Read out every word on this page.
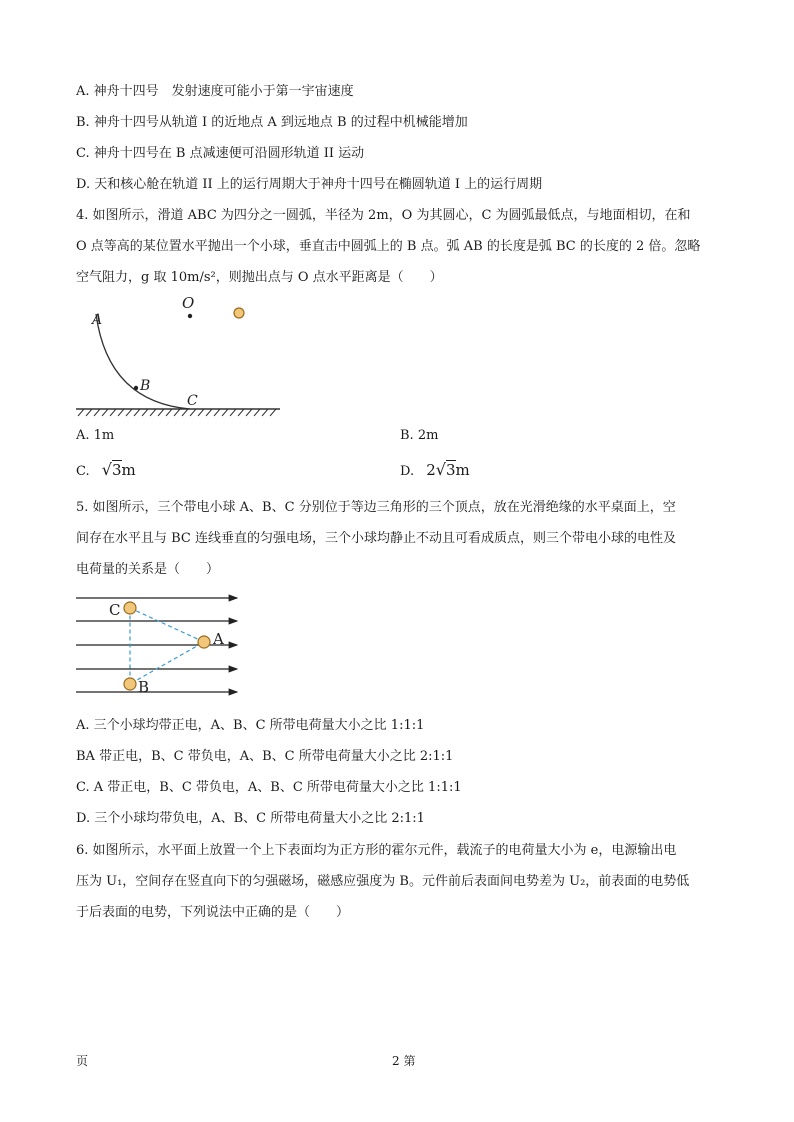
A. 神舟十四号　发射速度可能小于第一宇宙速度
B. 神舟十四号从轨道 I 的近地点 A 到远地点 B 的过程中机械能增加
C. 神舟十四号在 B 点减速便可沿圆形轨道 II 运动
D. 天和核心舱在轨道 II 上的运行周期大于神舟十四号在椭圆轨道 I 上的运行周期
4. 如图所示，滑道 ABC 为四分之一圆弧，半径为 2m，O 为其圆心，C 为圆弧最低点，与地面相切，在和
O 点等高的某位置水平抛出一个小球，垂直击中圆弧上的 B 点。弧 AB 的长度是弧 BC 的长度的 2 倍。忽略
空气阻力，g 取 10m/s²，则抛出点与 O 点水平距离是（　　）
O
A
B
C
A. 1m	B. 2m
C. √3m	D. 2√3m
5. 如图所示，三个带电小球 A、B、C 分别位于等边三角形的三个顶点，放在光滑绝缘的水平桌面上，空
间存在水平且与 BC 连线垂直的匀强电场，三个小球均静止不动且可看成质点，则三个带电小球的电性及
电荷量的关系是（　　）
C
A
B
A. 三个小球均带正电，A、B、C 所带电荷量大小之比 1:1:1
BA 带正电，B、C 带负电，A、B、C 所带电荷量大小之比 2:1:1
C. A 带正电，B、C 带负电，A、B、C 所带电荷量大小之比 1:1:1
D. 三个小球均带负电，A、B、C 所带电荷量大小之比 2:1:1
6. 如图所示，水平面上放置一个上下表面均为正方形的霍尔元件，载流子的电荷量大小为 e，电源输出电
压为 U₁，空间存在竖直向下的匀强磁场，磁感应强度为 B。元件前后表面间电势差为 U₂，前表面的电势低
于后表面的电势，下列说法中正确的是（　　）
页	2 第
